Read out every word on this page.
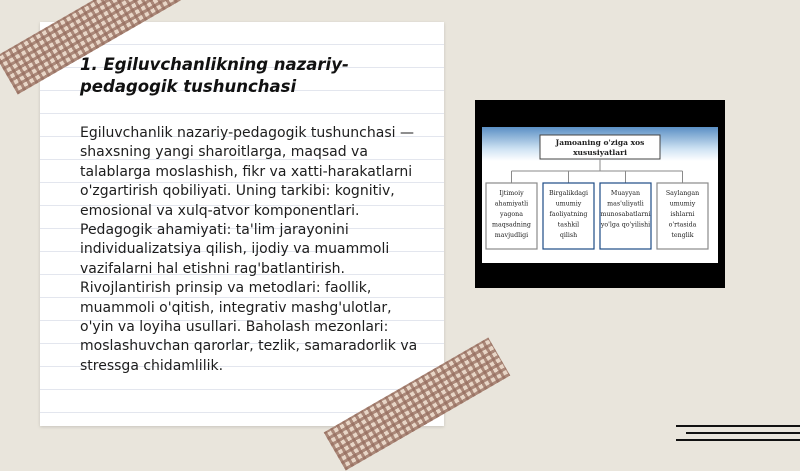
1. Egiluvchanlikning nazariy-pedagogik tushunchasi

Egiluvchanlik nazariy-pedagogik tushunchasi — shaxsning yangi sharoitlarga, maqsad va talablarga moslashish, fikr va xatti-harakatlarni o'zgartirish qobiliyati. Uning tarkibi: kognitiv, emosional va xulq-atvor komponentlari. Pedagogik ahamiyati: ta'lim jarayonini individualizatsiya qilish, ijodiy va muammoli vazifalarni hal etishni rag'batlantirish. Rivojlantirish prinsip va metodlari: faollik, muammoli o'qitish, integrativ mashg'ulotlar, o'yin va loyiha usullari. Baholash mezonlari: moslashuvchan qarorlar, tezlik, samaradorlik va stressga chidamlilik.

Jamoaning o'ziga xos
xususiyatlari
Ijtimoiy
ahamiyatli
yagona
maqsadning
mavjudligi
Birgalikdagi
umumiy
faoliyatning
tashkil
qilish
Muayyan
mas'uliyatli
munosabatlarni
yo'lga qo'yilishi
Saylangan
umumiy
ishlarni
o'rtasida
tenglik
